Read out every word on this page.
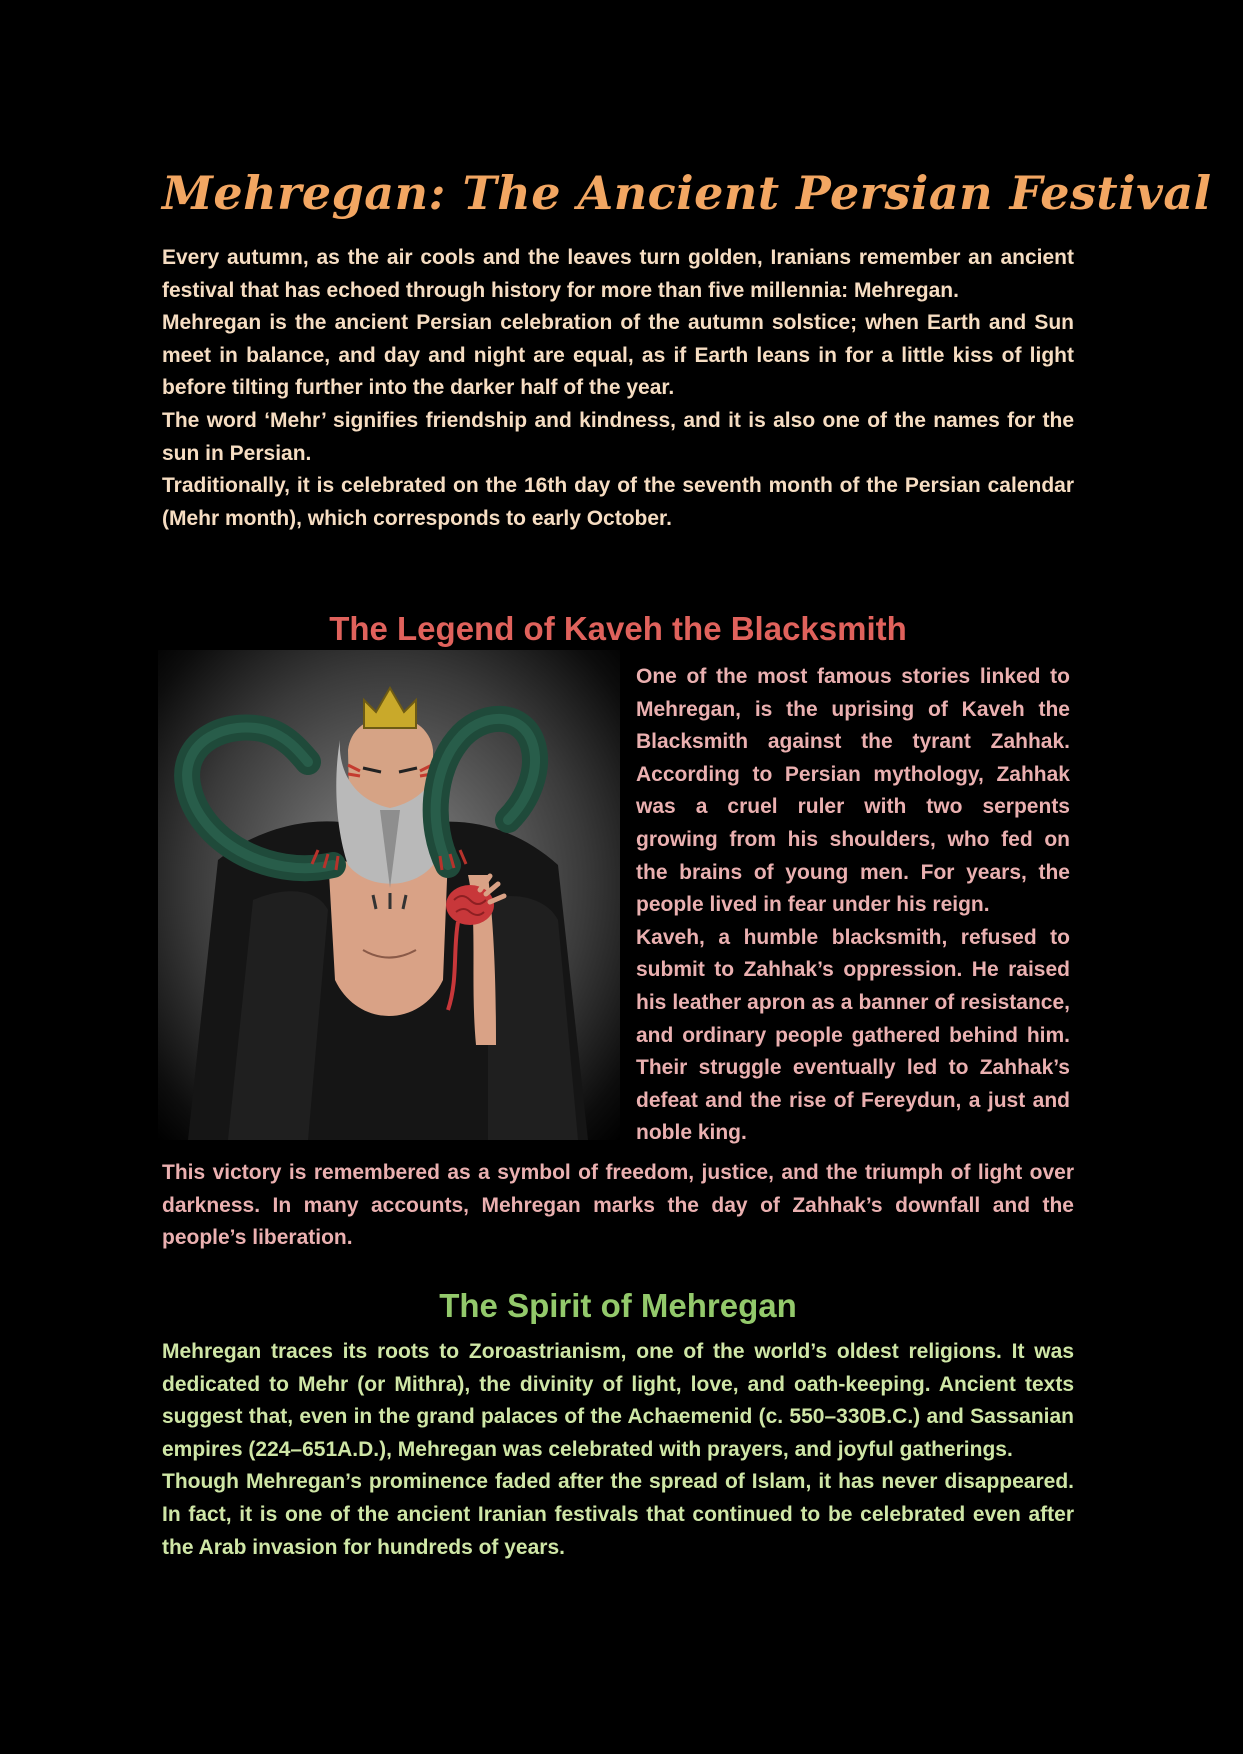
Mehregan: The Ancient Persian Festival

Every autumn, as the air cools and the leaves turn golden, Iranians remember an ancient festival that has echoed through history for more than five millennia: Mehregan.

Mehregan is the ancient Persian celebration of the autumn solstice; when Earth and Sun meet in balance, and day and night are equal, as if Earth leans in for a little kiss of light before tilting further into the darker half of the year.

The word ‘Mehr’ signifies friendship and kindness, and it is also one of the names for the sun in Persian.

Traditionally, it is celebrated on the 16th day of the seventh month of the Persian calendar (Mehr month), which corresponds to early October.

The Legend of Kaveh the Blacksmith

One of the most famous stories linked to Mehregan, is the uprising of Kaveh the Blacksmith against the tyrant Zahhak. According to Persian mythology, Zahhak was a cruel ruler with two serpents growing from his shoulders, who fed on the brains of young men. For years, the people lived in fear under his reign.

Kaveh, a humble blacksmith, refused to submit to Zahhak’s oppression. He raised his leather apron as a banner of resistance, and ordinary people gathered behind him. Their struggle eventually led to Zahhak’s defeat and the rise of Fereydun, a just and noble king.

This victory is remembered as a symbol of freedom, justice, and the triumph of light over darkness. In many accounts, Mehregan marks the day of Zahhak’s downfall and the people’s liberation.

The Spirit of Mehregan

Mehregan traces its roots to Zoroastrianism, one of the world’s oldest religions. It was dedicated to Mehr (or Mithra), the divinity of light, love, and oath-keeping. Ancient texts suggest that, even in the grand palaces of the Achaemenid (c. 550–330B.C.) and Sassanian empires (224–651A.D.), Mehregan was celebrated with prayers, and joyful gatherings.

Though Mehregan’s prominence faded after the spread of Islam, it has never disappeared. In fact, it is one of the ancient Iranian festivals that continued to be celebrated even after the Arab invasion for hundreds of years.
